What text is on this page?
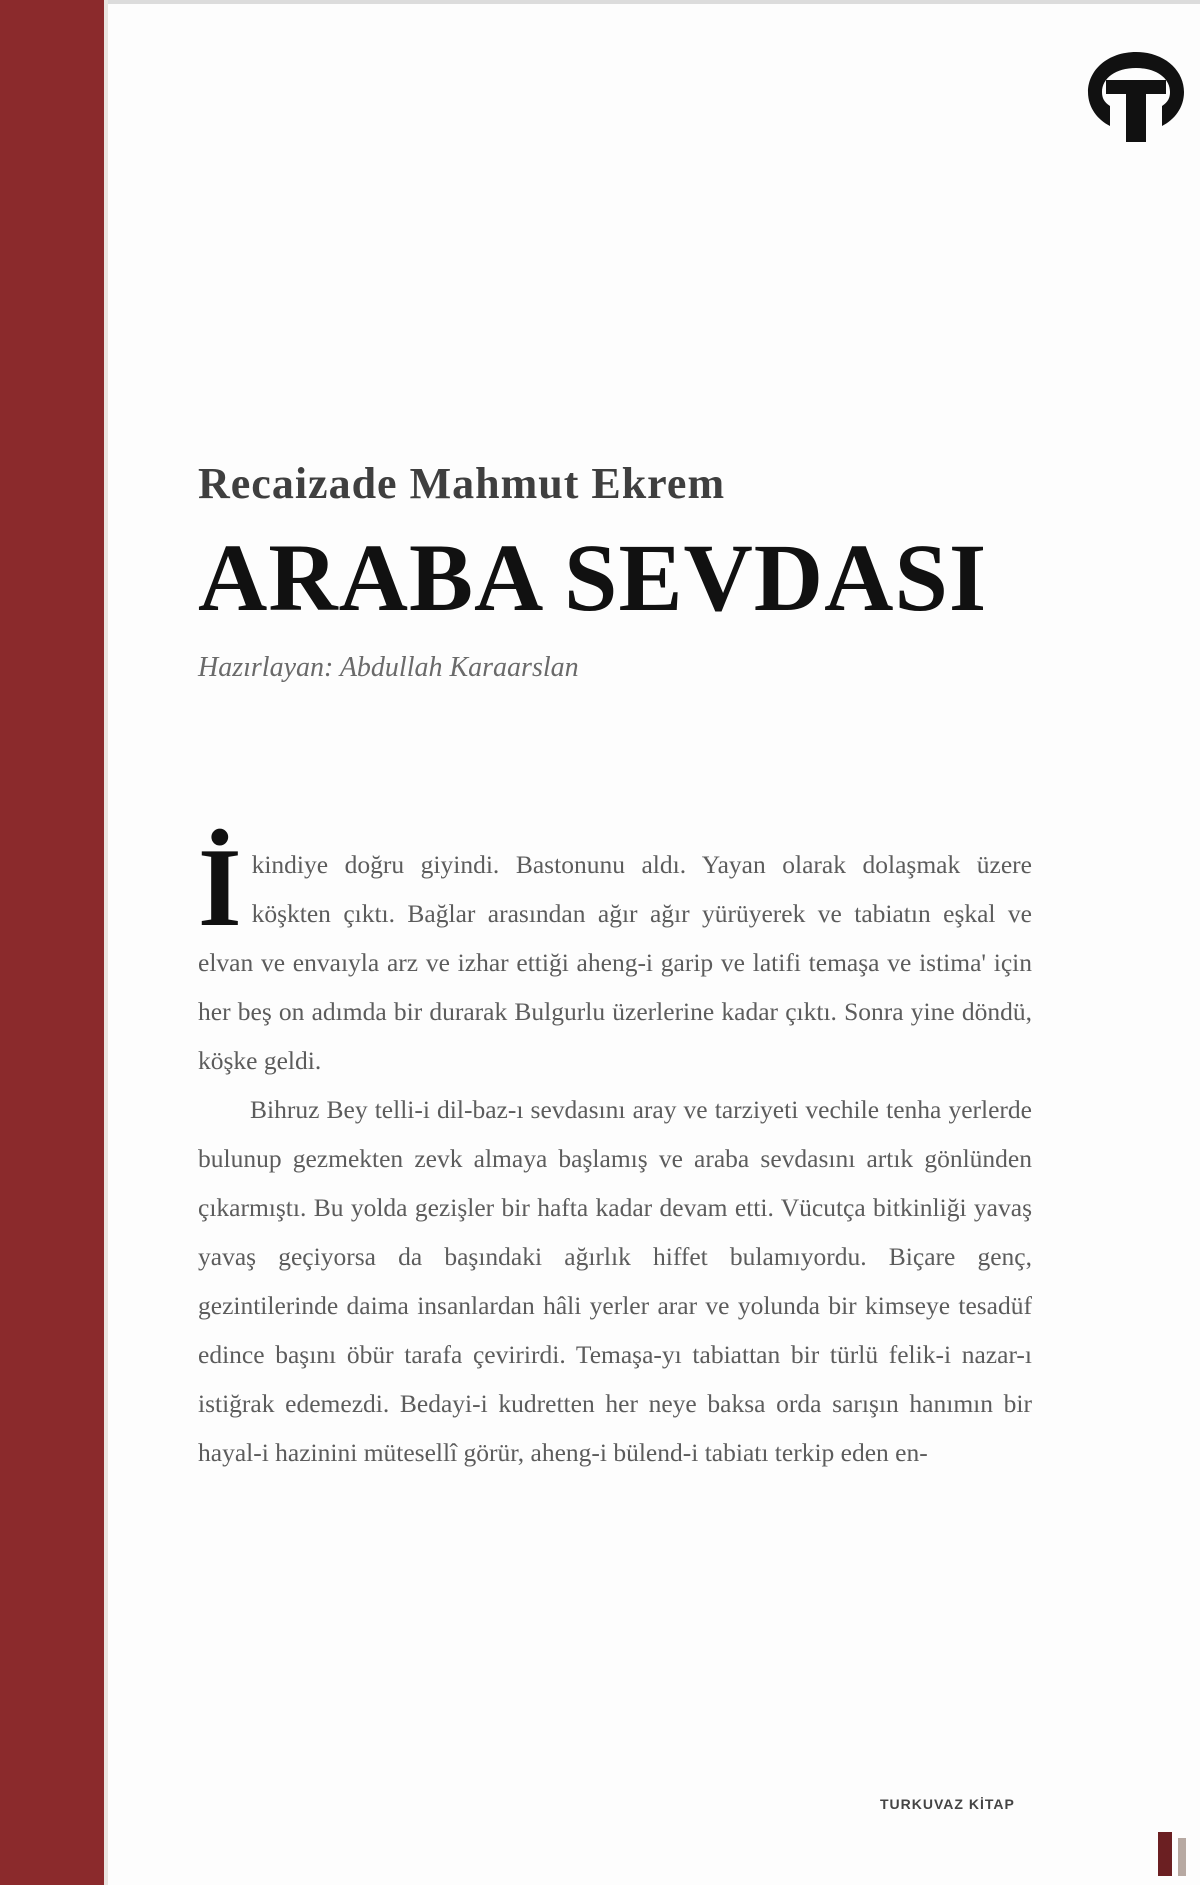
Recaizade Mahmut Ekrem
ARABA SEVDASI
Hazırlayan: Abdullah Karaarslan

İkindiye doğru giyindi. Bastonunu aldı. Yayan olarak dolaşmak üzere köşkten çıktı. Bağlar arasından ağır ağır yürüyerek ve tabiatın eşkal ve elvan ve envaıyla arz ve izhar ettiği aheng-i garip ve latifi temaşa ve istima' için her beş on adımda bir durarak Bulgurlu üzerlerine kadar çıktı. Sonra yine döndü, köşke geldi.

Bihruz Bey telli-i dil-baz-ı sevdasını aray ve tarziyeti vechile tenha yerlerde bulunup gezmekten zevk almaya başlamış ve araba sevdasını artık gönlünden çıkarmıştı. Bu yolda gezişler bir hafta kadar devam etti. Vücutça bitkinliği yavaş yavaş geçiyorsa da başındaki ağırlık hiffet bulamıyordu. Biçare genç, gezintilerinde daima insanlardan hâli yerler arar ve yolunda bir kimseye tesadüf edince başını öbür tarafa çevirirdi. Temaşa-yı tabiattan bir türlü felik-i nazar-ı istiğrak edemezdi. Bedayi-i kudretten her neye baksa orda sarışın hanımın bir hayal-i hazinini mütesellî görür, aheng-i bülend-i tabiatı terkip eden en-

TURKUVAZ KİTAP
